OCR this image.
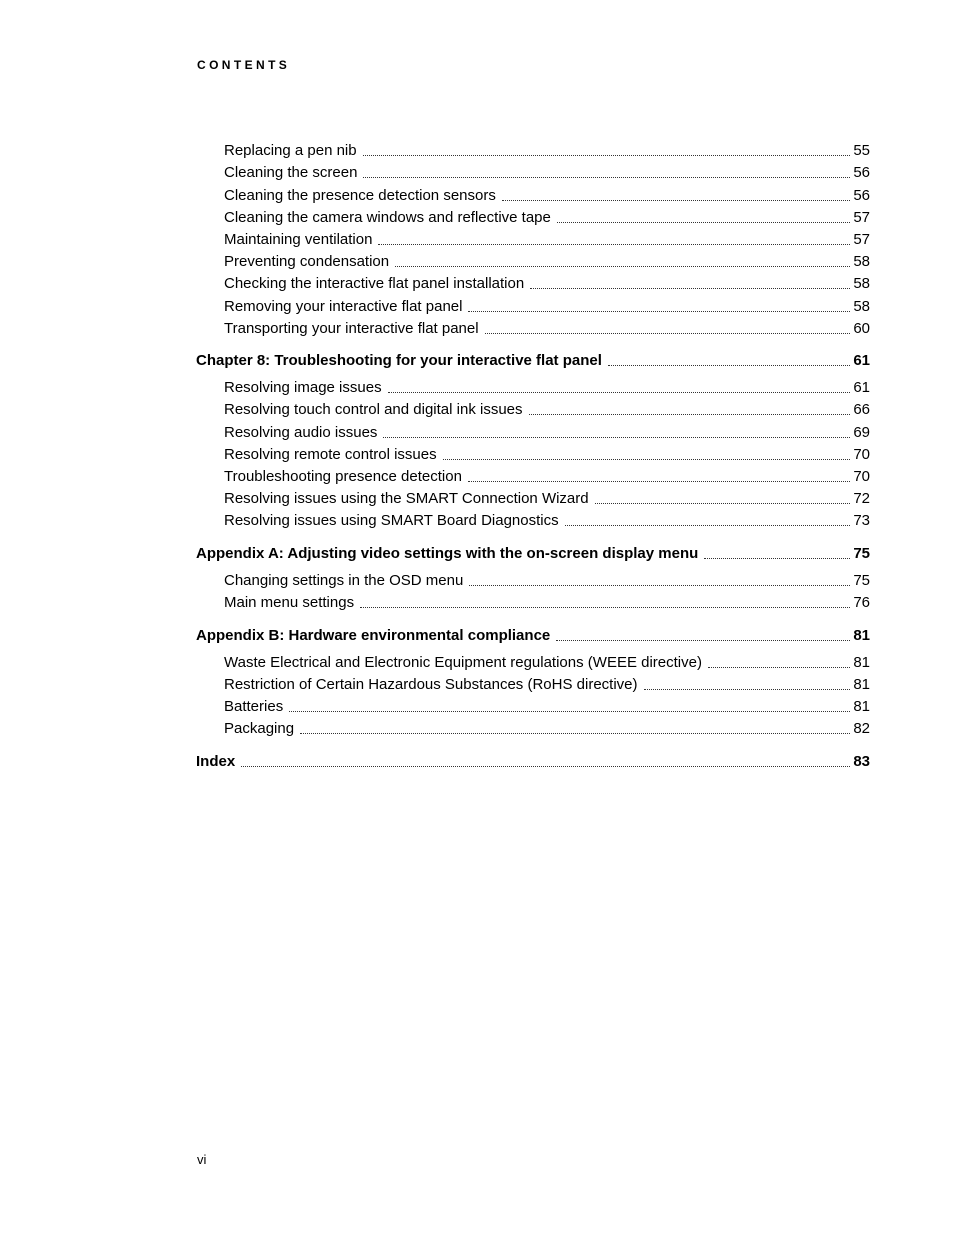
CONTENTS
Replacing a pen nib	55
Cleaning the screen	56
Cleaning the presence detection sensors	56
Cleaning the camera windows and reflective tape	57
Maintaining ventilation	57
Preventing condensation	58
Checking the interactive flat panel installation	58
Removing your interactive flat panel	58
Transporting your interactive flat panel	60
Chapter 8: Troubleshooting for your interactive flat panel	61
Resolving image issues	61
Resolving touch control and digital ink issues	66
Resolving audio issues	69
Resolving remote control issues	70
Troubleshooting presence detection	70
Resolving issues using the SMART Connection Wizard	72
Resolving issues using SMART Board Diagnostics	73
Appendix A: Adjusting video settings with the on-screen display menu	75
Changing settings in the OSD menu	75
Main menu settings	76
Appendix B: Hardware environmental compliance	81
Waste Electrical and Electronic Equipment regulations (WEEE directive)	81
Restriction of Certain Hazardous Substances (RoHS directive)	81
Batteries	81
Packaging	82
Index	83
vi
